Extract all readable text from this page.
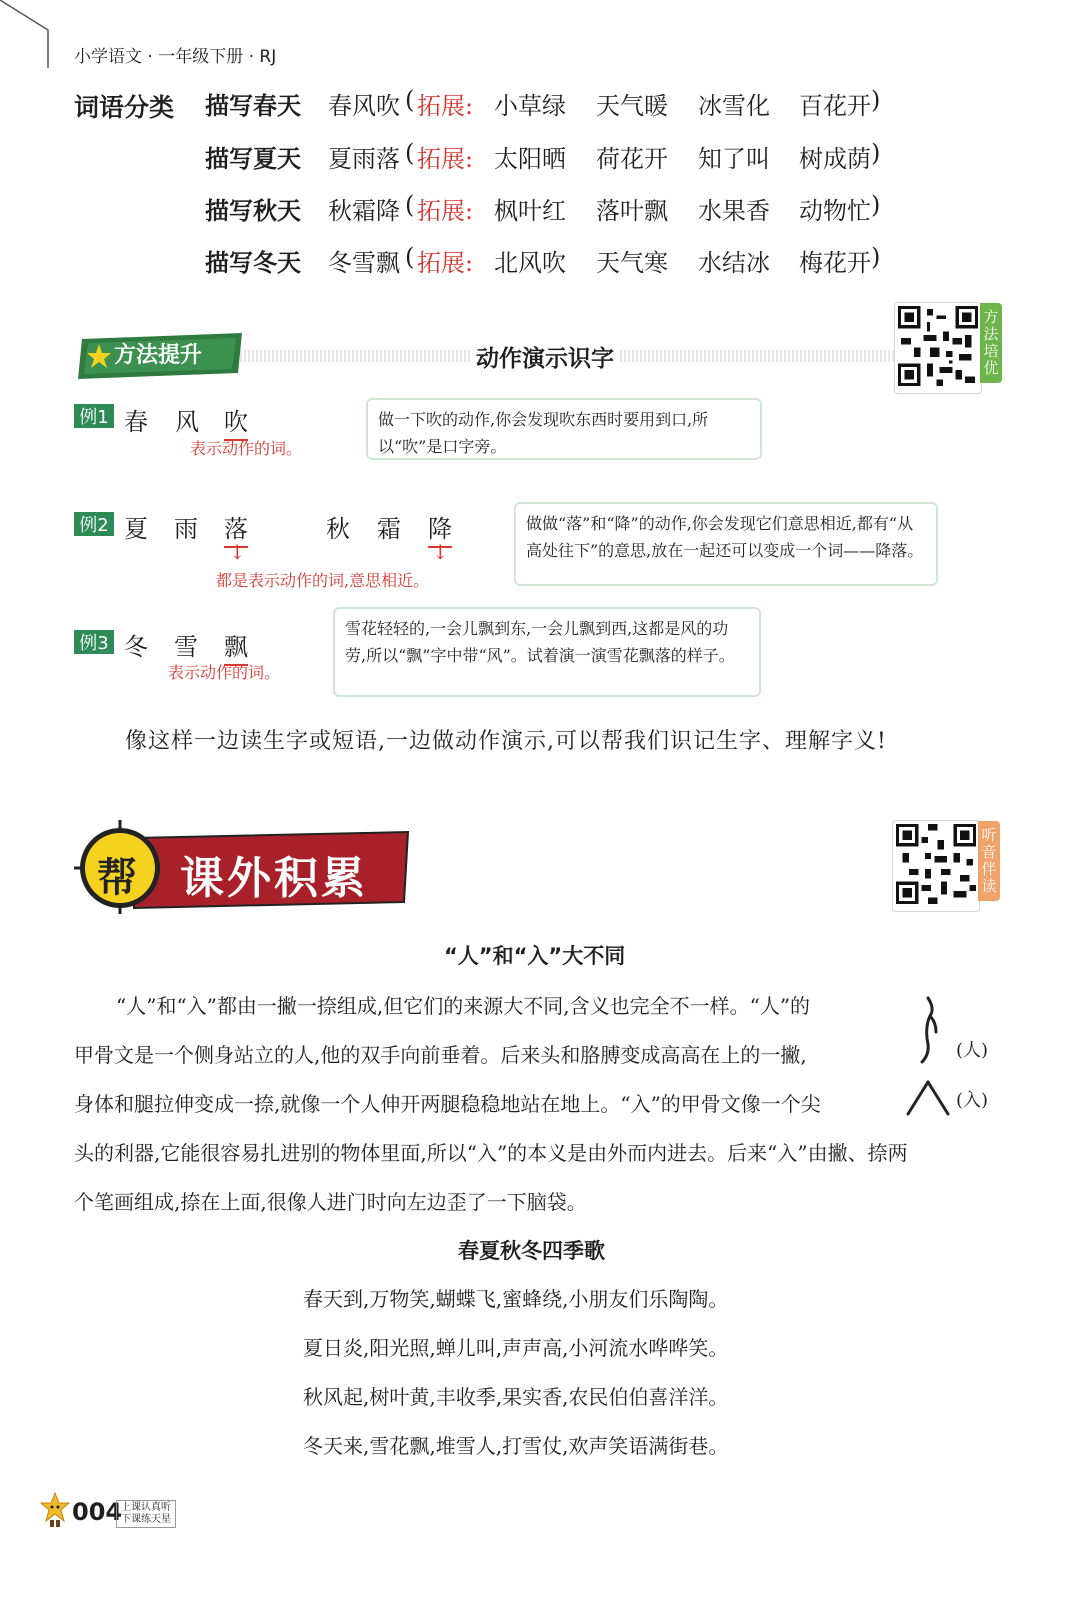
小学语文 · 一年级下册 · RJ
词语分类 描写春天 春风吹 ( 拓展: 小草绿 天气暖 冰雪化 百花开 )
描写夏天 夏雨落 ( 拓展: 太阳晒 荷花开 知了叫 树成荫 )
描写秋天 秋霜降 ( 拓展: 枫叶红 落叶飘 水果香 动物忙 )
描写冬天 冬雪飘 ( 拓展: 北风吹 天气寒 水结冰 梅花开 )
方法提升	动作演示识字
方法培优
例1 春 风 吹
表示动作的词。
做一下吹的动作,你会发现吹东西时要用到口,所以“吹”是口字旁。
例2 夏 雨 落	秋 霜 降
↓	↓
都是表示动作的词,意思相近。
做做“落”和“降”的动作,你会发现它们意思相近,都有“从高处往下”的意思,放在一起还可以变成一个词——降落。
例3 冬 雪 飘
表示动作的词。
雪花轻轻的,一会儿飘到东,一会儿飘到西,这都是风的功劳,所以“飘”字中带“风”。试着演一演雪花飘落的样子。
像这样一边读生字或短语,一边做动作演示,可以帮我们识记生字、理解字义!
帮 课外积累
听音伴读
“人”和“入”大不同
“人”和“入”都由一撇一捺组成,但它们的来源大不同,含义也完全不一样。“人”的
甲骨文是一个侧身站立的人,他的双手向前垂着。后来头和胳膊变成高高在上的一撇,
身体和腿拉伸变成一捺,就像一个人伸开两腿稳稳地站在地上。“入”的甲骨文像一个尖
头的利器,它能很容易扎进别的物体里面,所以“入”的本义是由外而内进去。后来“入”由撇、捺两
个笔画组成,捺在上面,很像人进门时向左边歪了一下脑袋。
(人)
(入)
春夏秋冬四季歌
春天到,万物笑,蝴蝶飞,蜜蜂绕,小朋友们乐陶陶。
夏日炎,阳光照,蝉儿叫,声声高,小河流水哗哗笑。
秋风起,树叶黄,丰收季,果实香,农民伯伯喜洋洋。
冬天来,雪花飘,堆雪人,打雪仗,欢声笑语满街巷。
004
上课认真听
下课练天星
